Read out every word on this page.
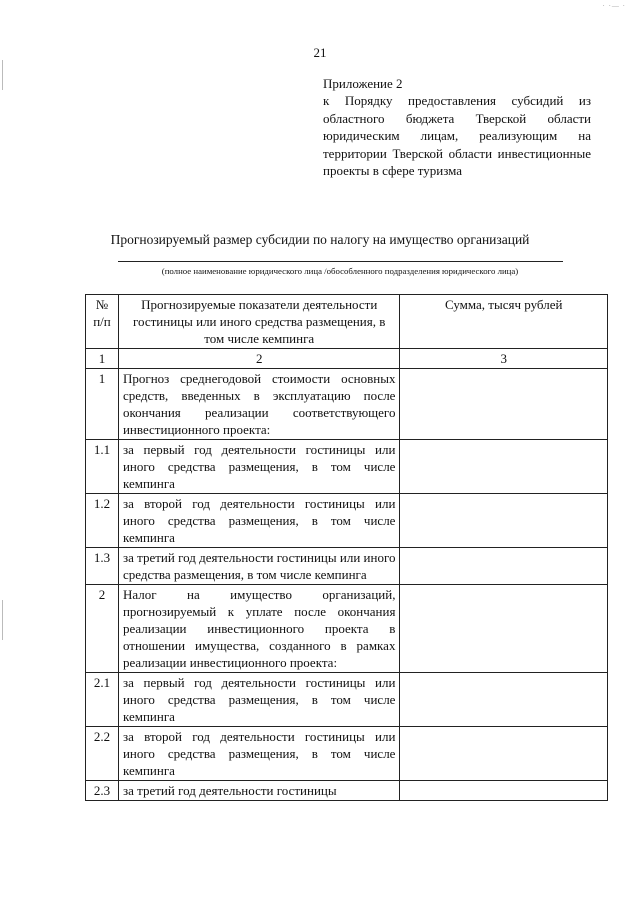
· ·— ·
21
Приложение 2
к Порядку предоставления субсидий из областного бюджета Тверской области юридическим лицам, реализующим на территории Тверской области инвестиционные проекты в сфере туризма
Прогнозируемый размер субсидии по налогу на имущество организаций
(полное наименование юридического лица /обособленного подразделения юридического лица)
№ п/п	Прогнозируемые показатели деятельности гостиницы или иного средства размещения, в том числе кемпинга	Сумма, тысяч рублей
1	2	3
1	Прогноз среднегодовой стоимости основных средств, введенных в эксплуатацию после окончания реализации соответствующего инвестиционного проекта:	
1.1	за первый год деятельности гостиницы или иного средства размещения, в том числе кемпинга	
1.2	за второй год деятельности гостиницы или иного средства размещения, в том числе кемпинга	
1.3	за третий год деятельности гостиницы или иного средства размещения, в том числе кемпинга	
2	Налог на имущество организаций, прогнозируемый к уплате после окончания реализации инвестиционного проекта в отношении имущества, созданного в рамках реализации инвестиционного проекта:	
2.1	за первый год деятельности гостиницы или иного средства размещения, в том числе кемпинга	
2.2	за второй год деятельности гостиницы или иного средства размещения, в том числе кемпинга	
2.3	за третий год деятельности гостиницы	
